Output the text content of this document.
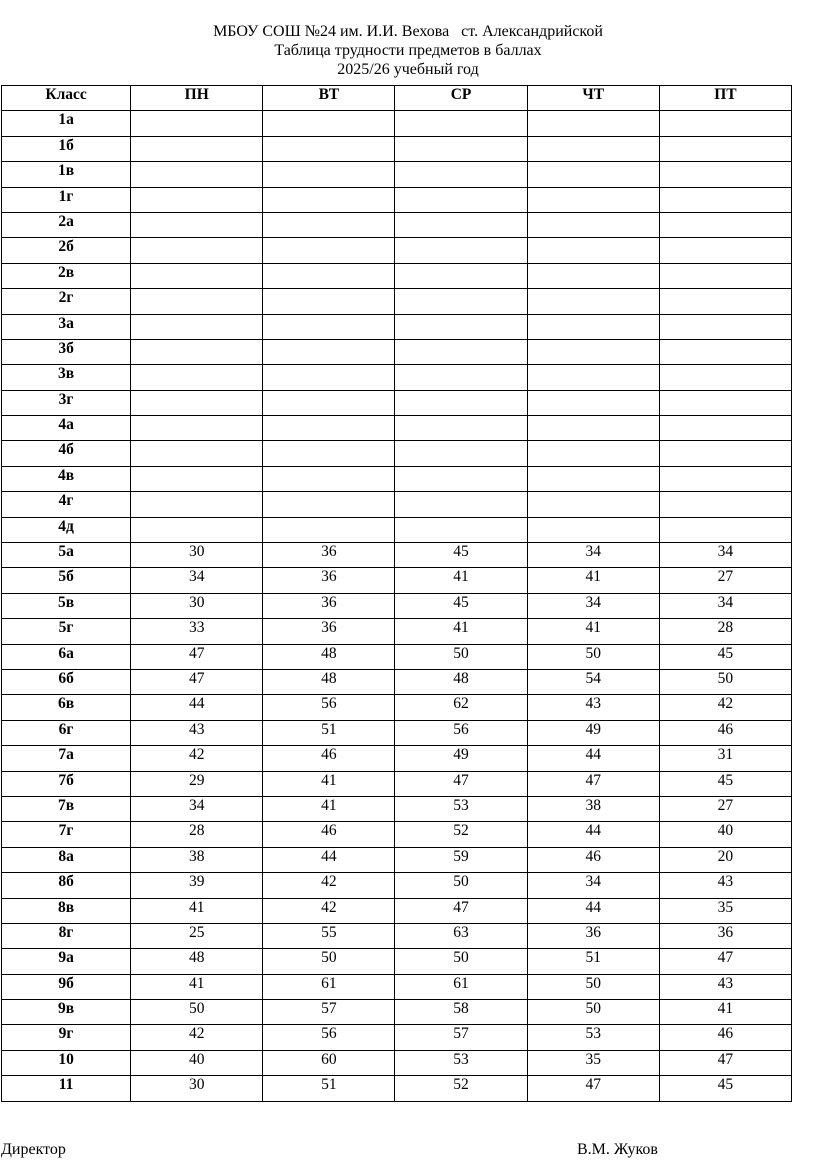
МБОУ СОШ №24 им. И.И. Вехова   ст. Александрийской
Таблица трудности предметов в баллах
2025/26 учебный год
Класс	ПН	ВТ	СР	ЧТ	ПТ
1а					
1б					
1в					
1г					
2а					
2б					
2в					
2г					
3а					
3б					
3в					
3г					
4а					
4б					
4в					
4г					
4д					
5а	30	36	45	34	34
5б	34	36	41	41	27
5в	30	36	45	34	34
5г	33	36	41	41	28
6а	47	48	50	50	45
6б	47	48	48	54	50
6в	44	56	62	43	42
6г	43	51	56	49	46
7а	42	46	49	44	31
7б	29	41	47	47	45
7в	34	41	53	38	27
7г	28	46	52	44	40
8а	38	44	59	46	20
8б	39	42	50	34	43
8в	41	42	47	44	35
8г	25	55	63	36	36
9а	48	50	50	51	47
9б	41	61	61	50	43
9в	50	57	58	50	41
9г	42	56	57	53	46
10	40	60	53	35	47
11	30	51	52	47	45
Директор	В.М. Жуков
